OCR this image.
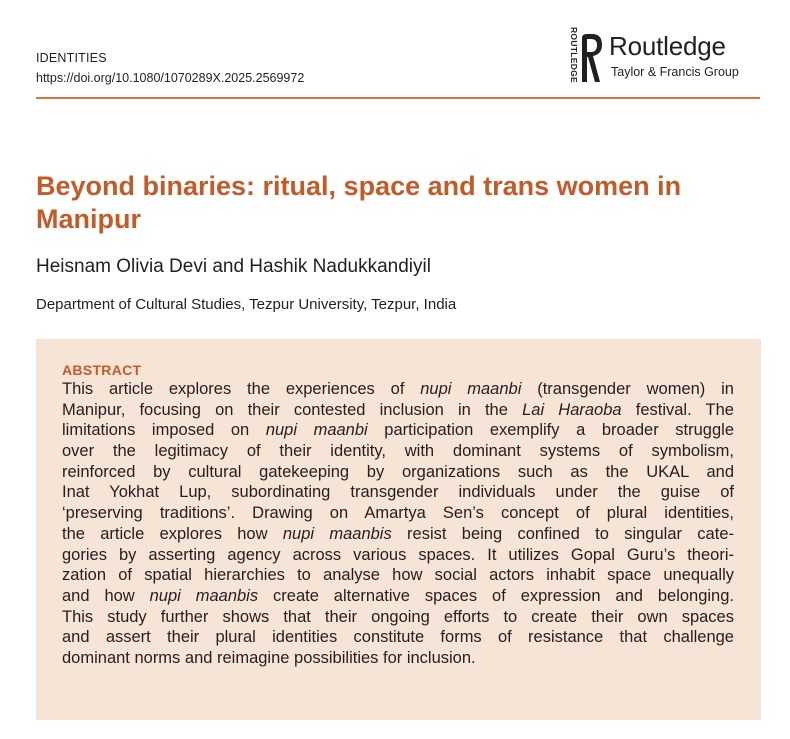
IDENTITIES
https://doi.org/10.1080/1070289X.2025.2569972	ROUTLEDGE Routledge
Taylor & Francis Group
Beyond binaries: ritual, space and trans women in Manipur
Heisnam Olivia Devi and Hashik Nadukkandiyil
Department of Cultural Studies, Tezpur University, Tezpur, India
ABSTRACT
This article explores the experiences of nupi maanbi (transgender women) in
Manipur, focusing on their contested inclusion in the Lai Haraoba festival. The
limitations imposed on nupi maanbi participation exemplify a broader struggle
over the legitimacy of their identity, with dominant systems of symbolism,
reinforced by cultural gatekeeping by organizations such as the UKAL and
Inat Yokhat Lup, subordinating transgender individuals under the guise of
‘preserving traditions’. Drawing on Amartya Sen’s concept of plural identities,
the article explores how nupi maanbis resist being confined to singular cate-
gories by asserting agency across various spaces. It utilizes Gopal Guru’s theori-
zation of spatial hierarchies to analyse how social actors inhabit space unequally
and how nupi maanbis create alternative spaces of expression and belonging.
This study further shows that their ongoing efforts to create their own spaces
and assert their plural identities constitute forms of resistance that challenge
dominant norms and reimagine possibilities for inclusion.
